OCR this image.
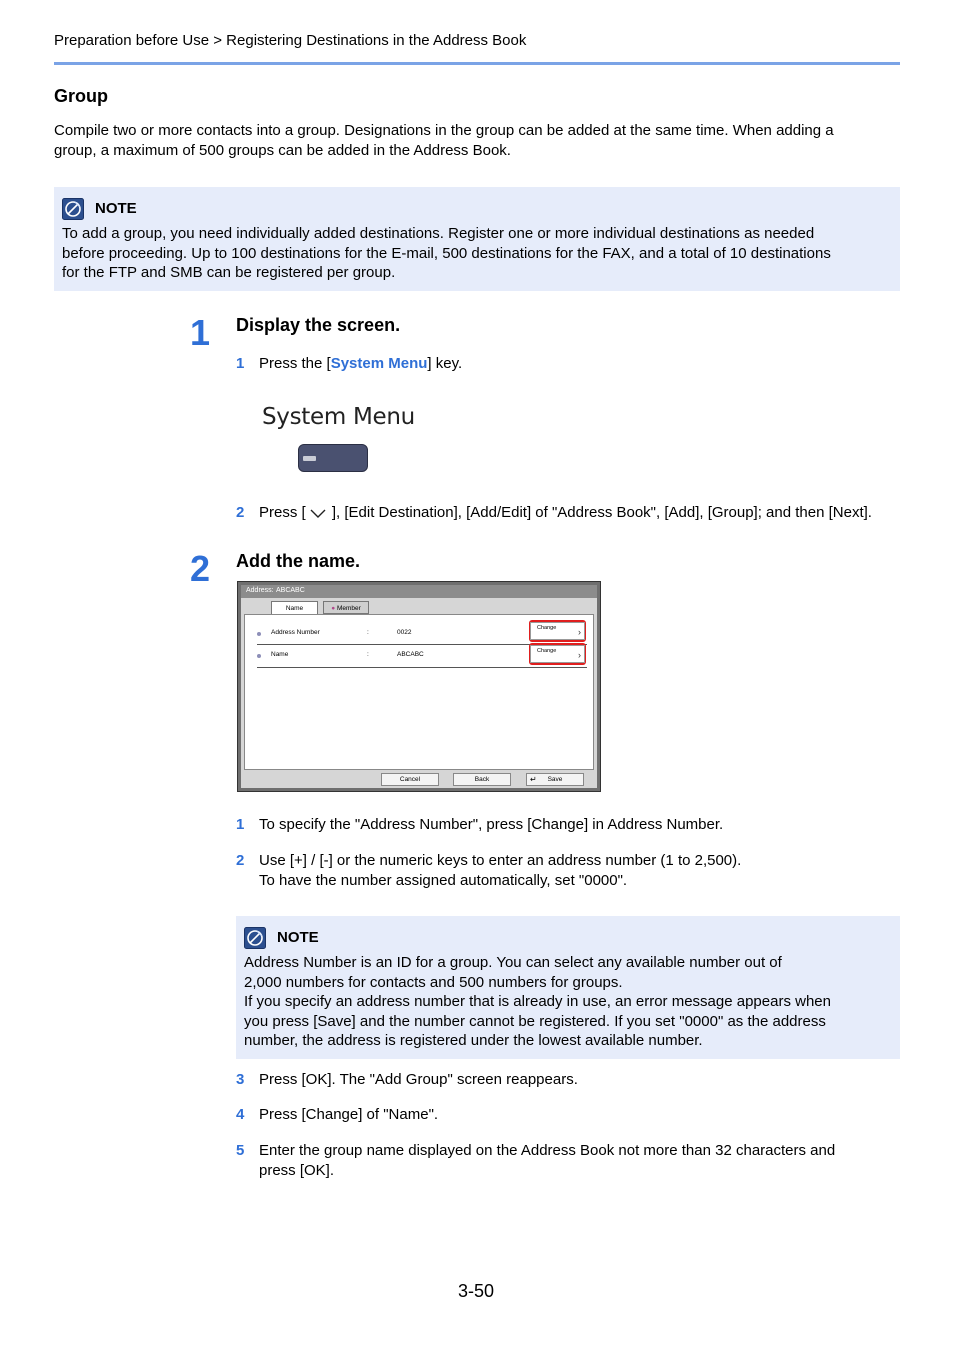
Preparation before Use > Registering Destinations in the Address Book
Group
Compile two or more contacts into a group. Designations in the group can be added at the same time. When adding a
group, a maximum of 500 groups can be added in the Address Book.
NOTE
To add a group, you need individually added destinations. Register one or more individual destinations as needed
before proceeding. Up to 100 destinations for the E-mail, 500 destinations for the FAX, and a total of 10 destinations
for the FTP and SMB can be registered per group.
1 Display the screen.
1 Press the [System Menu] key.
System Menu
2 Press [ ], [Edit Destination], [Add/Edit] of "Address Book", [Add], [Group]; and then [Next].
2 Add the name.
Address: ABCABC
Name	● Member
Address Number	:	0022
Change ›
Name	:	ABCABC	Change ›
Cancel	Back	↵ Save
1 To specify the "Address Number", press [Change] in Address Number.
2 Use [+] / [-] or the numeric keys to enter an address number (1 to 2,500).
To have the number assigned automatically, set "0000".
NOTE
Address Number is an ID for a group. You can select any available number out of
2,000 numbers for contacts and 500 numbers for groups.
If you specify an address number that is already in use, an error message appears when
you press [Save] and the number cannot be registered. If you set "0000" as the address
number, the address is registered under the lowest available number.
3 Press [OK]. The "Add Group" screen reappears.
4 Press [Change] of "Name".
5 Enter the group name displayed on the Address Book not more than 32 characters and
press [OK].
3-50
